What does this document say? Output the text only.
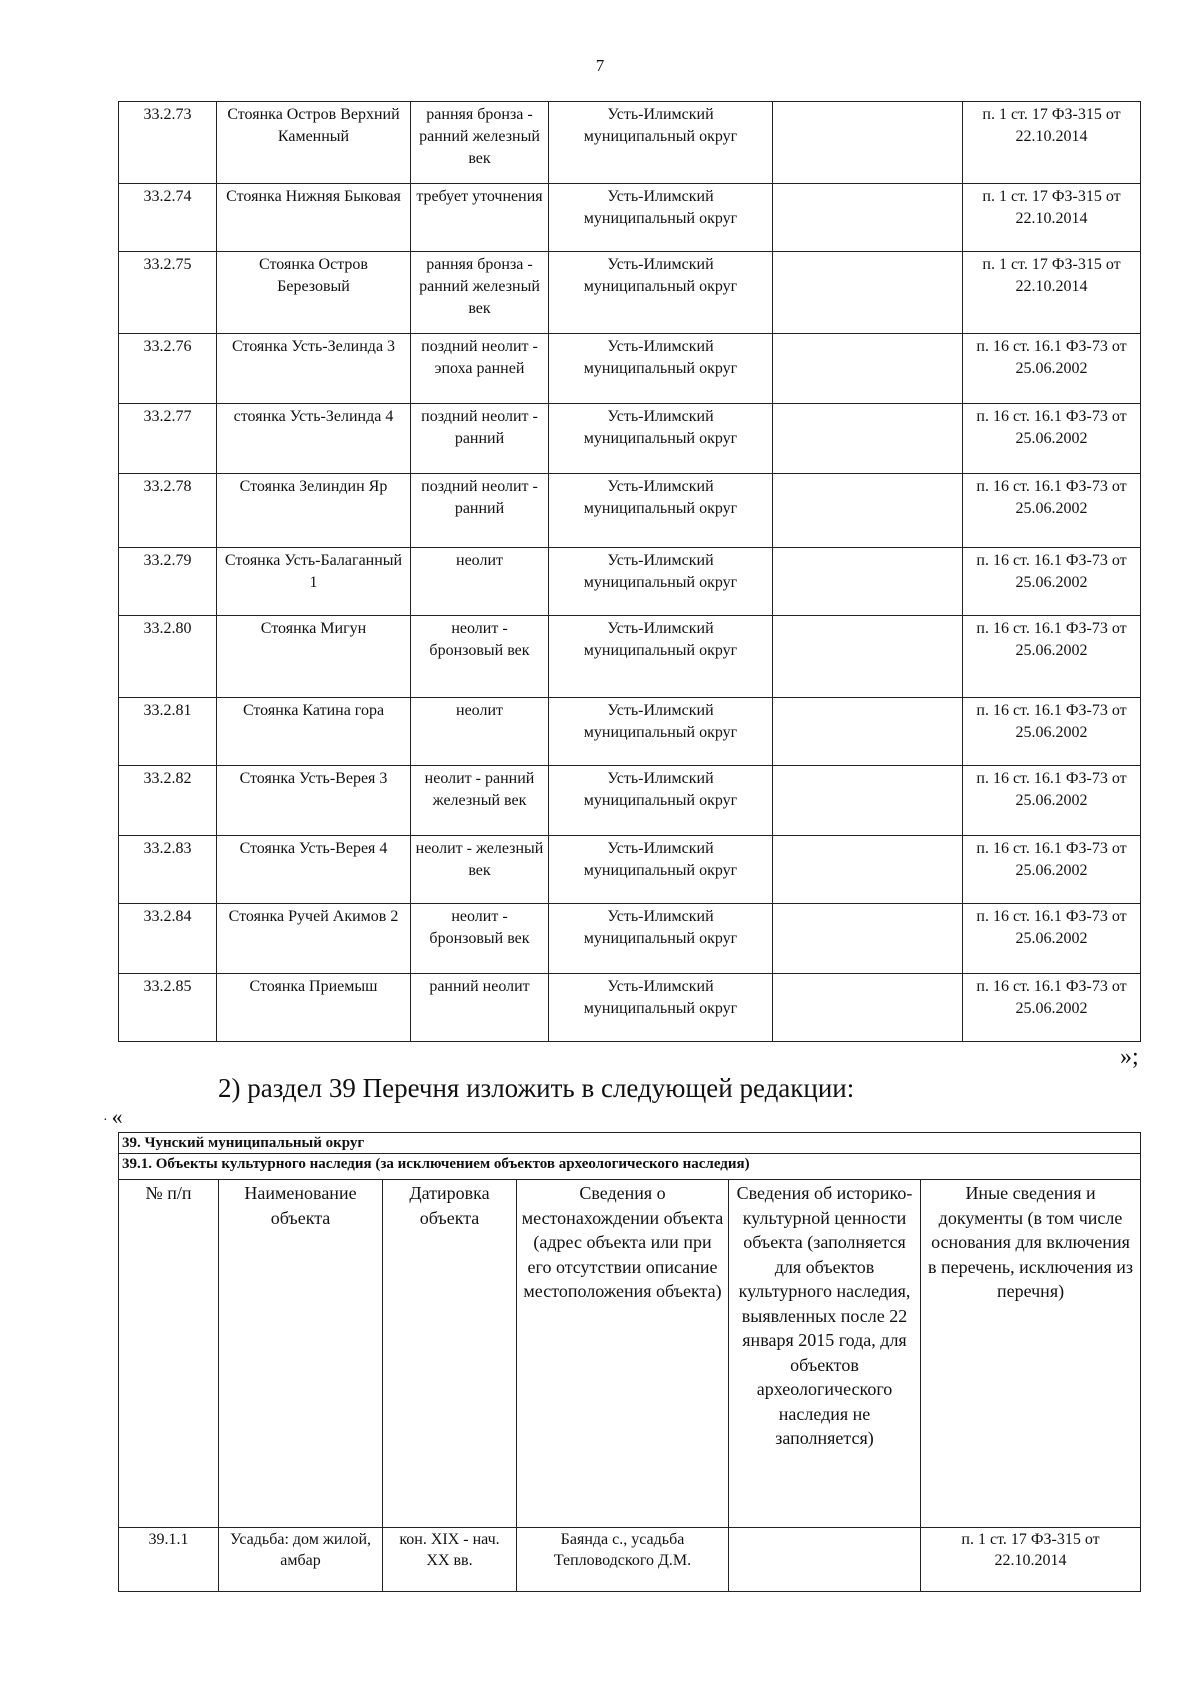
7
33.2.73	Стоянка Остров Верхний Каменный	ранняя бронза - ранний железный век	Усть-Илимский муниципальный округ		п. 1 ст. 17 ФЗ-315 от 22.10.2014
33.2.74	Стоянка Нижняя Быковая	требует уточнения	Усть-Илимский муниципальный округ		п. 1 ст. 17 ФЗ-315 от 22.10.2014
33.2.75	Стоянка Остров Березовый	ранняя бронза - ранний железный век	Усть-Илимский муниципальный округ		п. 1 ст. 17 ФЗ-315 от 22.10.2014
33.2.76	Стоянка Усть-Зелинда 3	поздний неолит - эпоха ранней	Усть-Илимский муниципальный округ		п. 16 ст. 16.1 ФЗ-73 от 25.06.2002
33.2.77	стоянка Усть-Зелинда 4	поздний неолит - ранний	Усть-Илимский муниципальный округ		п. 16 ст. 16.1 ФЗ-73 от 25.06.2002
33.2.78	Стоянка Зелиндин Яр	поздний неолит - ранний	Усть-Илимский муниципальный округ		п. 16 ст. 16.1 ФЗ-73 от 25.06.2002
33.2.79	Стоянка Усть-Балаганный 1	неолит	Усть-Илимский муниципальный округ		п. 16 ст. 16.1 ФЗ-73 от 25.06.2002
33.2.80	Стоянка Мигун	неолит - бронзовый век	Усть-Илимский муниципальный округ		п. 16 ст. 16.1 ФЗ-73 от 25.06.2002
33.2.81	Стоянка Катина гора	неолит	Усть-Илимский муниципальный округ		п. 16 ст. 16.1 ФЗ-73 от 25.06.2002
33.2.82	Стоянка Усть-Верея 3	неолит - ранний железный век	Усть-Илимский муниципальный округ		п. 16 ст. 16.1 ФЗ-73 от 25.06.2002
33.2.83	Стоянка Усть-Верея 4	неолит - железный век	Усть-Илимский муниципальный округ		п. 16 ст. 16.1 ФЗ-73 от 25.06.2002
33.2.84	Стоянка Ручей Акимов 2	неолит - бронзовый век	Усть-Илимский муниципальный округ		п. 16 ст. 16.1 ФЗ-73 от 25.06.2002
33.2.85	Стоянка Приемыш	ранний неолит	Усть-Илимский муниципальный округ		п. 16 ст. 16.1 ФЗ-73 от 25.06.2002
»;
2) раздел 39 Перечня изложить в следующей редакции:
· «
39. Чунский муниципальный округ					
39.1. Объекты культурного наследия (за исключением объектов археологического наследия)					
№ п/п	Наименование объекта	Датировка объекта	Сведения о местонахождении объекта (адрес объекта или при его отсутствии описание местоположения объекта)	Сведения об историко-культурной ценности объекта (заполняется для объектов культурного наследия, выявленных после 22 января 2015 года, для объектов археологического наследия не заполняется)	Иные сведения и документы (в том числе основания для включения в перечень, исключения из перечня)
39.1.1	Усадьба: дом жилой, амбар	кон. XIX - нач. XX вв.	Баянда с., усадьба Тепловодского Д.М.		п. 1 ст. 17 ФЗ-315 от 22.10.2014
